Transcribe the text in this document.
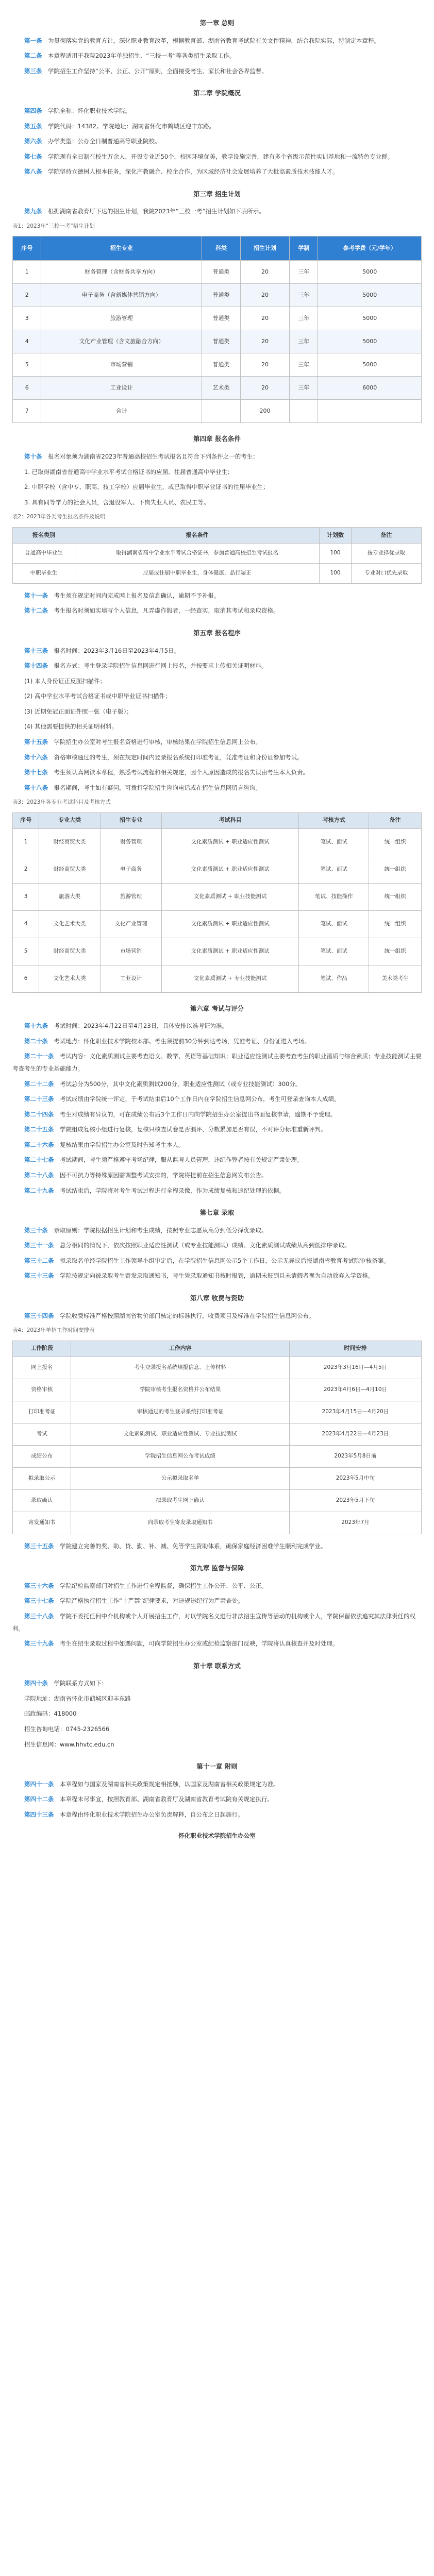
第一章 总则

第一条　 为贯彻落实党的教育方针，深化职业教育改革，根据教育部、湖南省教育考试院有关文件精神，结合我院实际，特制定本章程。

第二条　 本章程适用于我院2023年单独招生、“三校一考”等各类招生录取工作。

第三条　 学院招生工作坚持“公平、公正、公开”原则，全面接受考生、家长和社会各界监督。

第二章 学院概况

第四条　 学院全称：怀化职业技术学院。

第五条　 学院代码：14382。学院地址：湖南省怀化市鹤城区迎丰东路。

第六条　 办学类型：公办全日制普通高等职业院校。

第七条　 学院现有全日制在校生万余人，开设专业近50个，校园环境优美，教学设施完善，建有多个省级示范性实训基地和一流特色专业群。

第八条　 学院坚持立德树人根本任务，深化产教融合、校企合作，为区域经济社会发展培养了大批高素质技术技能人才。

第三章 招生计划

第九条　 根据湖南省教育厅下达的招生计划，我院2023年“三校一考”招生计划如下表所示。

表1：2023年“三校一考”招生计划
序号	招生专业	科类	招生计划	学制	参考学费（元/学年）
1	财务管理（含财务共享方向）	普通类	20	三年	5000
2	电子商务（含新媒体营销方向）	普通类	20	三年	5000
3	旅游管理	普通类	20	三年	5000
4	文化产业管理（含文旅融合方向）	普通类	20	三年	5000
5	市场营销	普通类	20	三年	5000
6	工业设计	艺术类	20	三年	6000
7	合计		200		
第四章 报名条件

第十条　 报名对象须为湖南省2023年普通高校招生考试报名且符合下列条件之一的考生：

1. 已取得湖南省普通高中学业水平考试合格证书的应届、往届普通高中毕业生；

2. 中职学校（含中专、职高、技工学校）应届毕业生，或已取得中职毕业证书的往届毕业生；

3. 具有同等学力的社会人员，含退役军人、下岗失业人员、农民工等。

表2：2023年各类考生报名条件及说明
报名类别	报名条件	计划数	备注
普通高中毕业生	取得湖南省高中学业水平考试合格证书，参加普通高校招生考试报名	100	按专业择优录取
中职毕业生	应届或往届中职毕业生，身体健康，品行端正	100	专业对口优先录取

第十一条　 考生须在规定时间内完成网上报名及信息确认，逾期不予补报。

第十二条　 考生报名时须如实填写个人信息，凡弄虚作假者，一经查实，取消其考试和录取资格。

第五章 报名程序

第十三条　 报名时间：2023年3月16日至2023年4月5日。

第十四条　 报名方式：考生登录学院招生信息网进行网上报名，并按要求上传相关证明材料。

(1) 本人身份证正反面扫描件；

(2) 高中学业水平考试合格证书或中职毕业证书扫描件；

(3) 近期免冠正面证件照一张（电子版）；

(4) 其他需要提供的相关证明材料。

第十五条　 学院招生办公室对考生报名资格进行审核，审核结果在学院招生信息网上公布。

第十六条　 资格审核通过的考生，须在规定时间内登录报名系统打印准考证，凭准考证和身份证参加考试。

第十七条　 考生须认真阅读本章程，熟悉考试流程和相关规定，因个人原因造成的报名失误由考生本人负责。

第十八条　 报名期间，考生如有疑问，可拨打学院招生咨询电话或在招生信息网留言咨询。

表3：2023年各专业考试科目及考核方式
序号	专业大类	招生专业	考试科目	考核方式	备注
1	财经商贸大类	财务管理	文化素质测试 + 职业适应性测试	笔试、面试	统一组织
2	财经商贸大类	电子商务	文化素质测试 + 职业适应性测试	笔试、面试	统一组织
3	旅游大类	旅游管理	文化素质测试 + 职业技能测试	笔试、技能操作	统一组织
4	文化艺术大类	文化产业管理	文化素质测试 + 职业适应性测试	笔试、面试	统一组织
5	财经商贸大类	市场营销	文化素质测试 + 职业适应性测试	笔试、面试	统一组织
6	文化艺术大类	工业设计	文化素质测试 + 专业技能测试	笔试、作品	美术类考生
第六章 考试与评分

第十九条　 考试时间：2023年4月22日至4月23日，具体安排以准考证为准。

第二十条　 考试地点：怀化职业技术学院校本部。考生须提前30分钟到达考场，凭准考证、身份证进入考场。

第二十一条　 考试内容：文化素质测试主要考查语文、数学、英语等基础知识；职业适应性测试主要考查考生的职业潜质与综合素质；专业技能测试主要考查考生的专业基础能力。

第二十二条　 考试总分为500分，其中文化素质测试200分，职业适应性测试（或专业技能测试）300分。

第二十三条　 考试成绩由学院统一评定，于考试结束后10个工作日内在学院招生信息网公布，考生可登录查询本人成绩。

第二十四条　 考生对成绩有异议的，可在成绩公布后3个工作日内向学院招生办公室提出书面复核申请，逾期不予受理。

第二十五条　 学院组成复核小组进行复核，复核只核查试卷是否漏评、分数累加是否有误，不对评分标准重新评判。

第二十六条　 复核结果由学院招生办公室及时告知考生本人。

第二十七条　 考试期间，考生须严格遵守考场纪律，服从监考人员管理，违纪作弊者按有关规定严肃处理。

第二十八条　 因不可抗力等特殊原因需调整考试安排的，学院将提前在招生信息网发布公告。

第二十九条　 考试结束后，学院将对考生考试过程进行全程录像，作为成绩复核和违纪处理的依据。

第七章 录取

第三十条　 录取原则：学院根据招生计划和考生成绩，按照专业志愿从高分到低分择优录取。

第三十一条　 总分相同的情况下，依次按照职业适应性测试（或专业技能测试）成绩、文化素质测试成绩从高到低排序录取。

第三十二条　 拟录取名单经学院招生工作领导小组审定后，在学院招生信息网公示5个工作日，公示无异议后报湖南省教育考试院审核备案。

第三十三条　 学院按规定向被录取考生寄发录取通知书，考生凭录取通知书按时报到，逾期未报到且未请假者视为自动放弃入学资格。

第八章 收费与资助

第三十四条　 学院收费标准严格按照湖南省物价部门核定的标准执行，收费项目及标准在学院招生信息网公布。

表4：2023年单招工作时间安排表
工作阶段	工作内容	时间安排
网上报名	考生登录报名系统填报信息、上传材料	2023年3月16日—4月5日
资格审核	学院审核考生报名资格并公布结果	2023年4月6日—4月10日
打印准考证	审核通过的考生登录系统打印准考证	2023年4月15日—4月20日
考试	文化素质测试、职业适应性测试、专业技能测试	2023年4月22日—4月23日
成绩公布	学院招生信息网公布考试成绩	2023年5月8日前
拟录取公示	公示拟录取名单	2023年5月中旬
录取确认	拟录取考生网上确认	2023年5月下旬
寄发通知书	向录取考生寄发录取通知书	2023年7月

第三十五条　 学院建立完善的奖、助、贷、勤、补、减、免等学生资助体系，确保家庭经济困难学生顺利完成学业。

第九章 监督与保障

第三十六条　 学院纪检监察部门对招生工作进行全程监督，确保招生工作公开、公平、公正。

第三十七条　 学院严格执行招生工作“十严禁”纪律要求，对违规违纪行为严肃查处。

第三十八条　 学院不委托任何中介机构或个人开展招生工作，对以学院名义进行非法招生宣传等活动的机构或个人，学院保留依法追究其法律责任的权利。

第三十九条　 考生在招生录取过程中如遇问题，可向学院招生办公室或纪检监察部门反映，学院将认真核查并及时处理。

第十章 联系方式

第四十条　 学院联系方式如下：

学院地址：湖南省怀化市鹤城区迎丰东路

邮政编码：418000

招生咨询电话：0745-2326566

招生信息网：www.hhvtc.edu.cn

第十一章 附则

第四十一条　 本章程如与国家及湖南省相关政策规定相抵触，以国家及湖南省相关政策规定为准。

第四十二条　 本章程未尽事宜，按照教育部、湖南省教育厅及湖南省教育考试院有关规定执行。

第四十三条　 本章程由怀化职业技术学院招生办公室负责解释，自公布之日起施行。

怀化职业技术学院招生办公室
